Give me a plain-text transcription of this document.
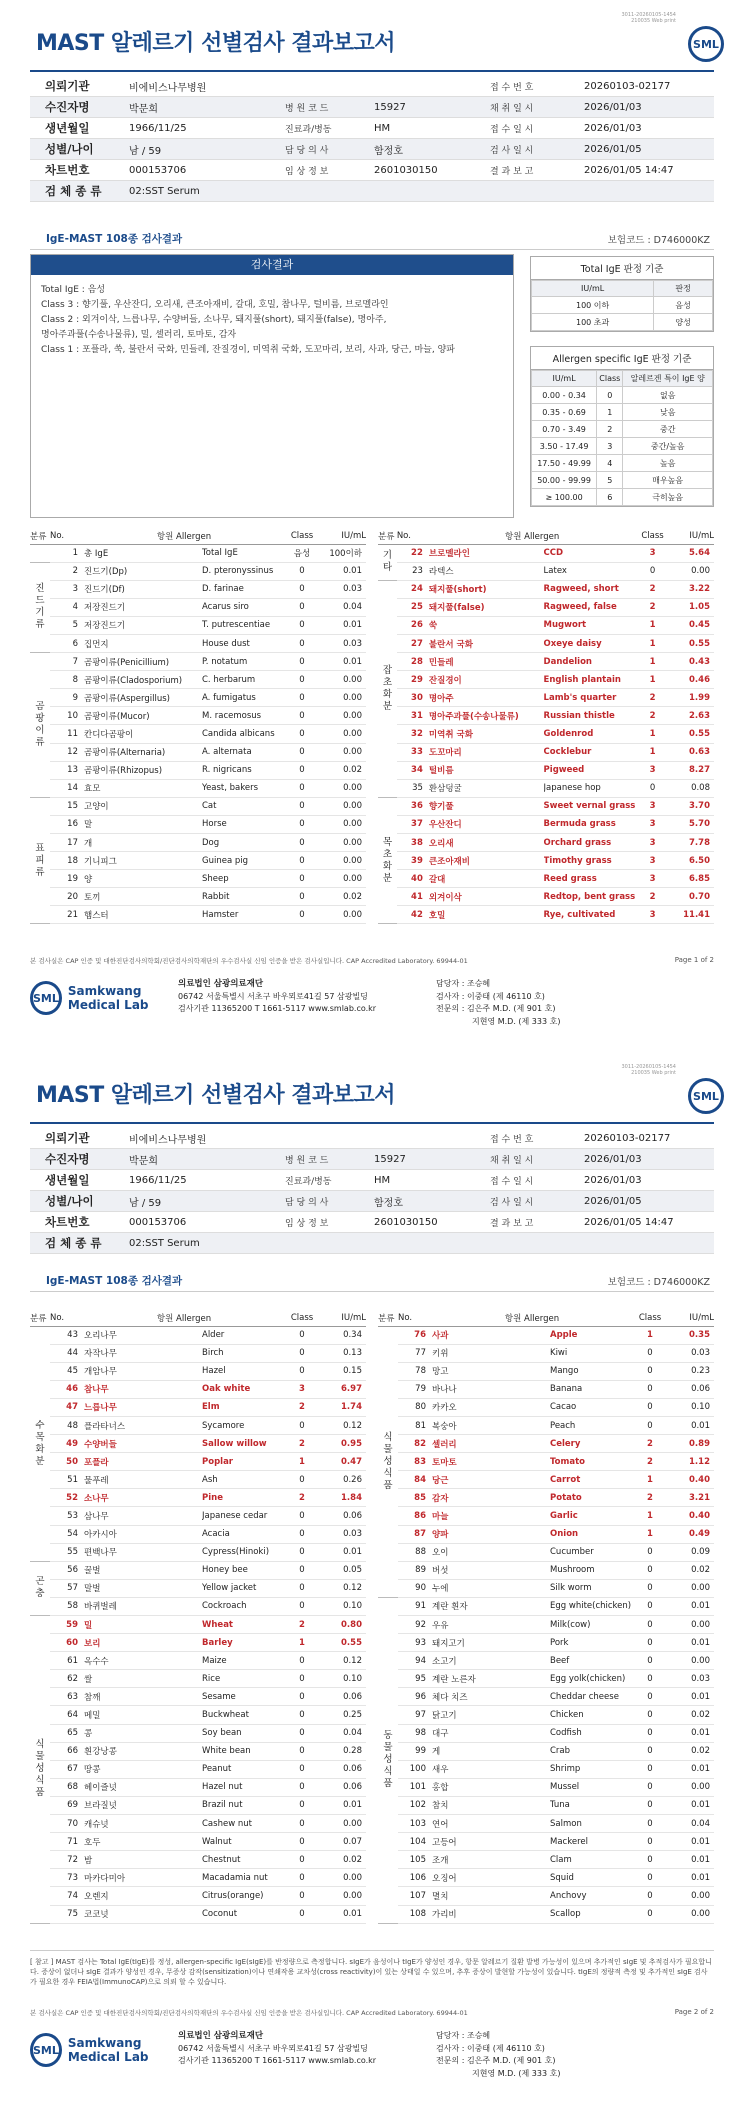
3011-20260105-1454
210035 Web print
MAST 알레르기 선별검사 결과보고서	SML
의뢰기관	비에비스나무병원	접 수 번 호	20260103-02177
수진자명	박문희	병 원 코 드	15927	채 취 일 시	2026/01/03
생년월일	1966/11/25	진료과/병동	HM	접 수 일 시	2026/01/03
성별/나이	남 / 59	담 당 의 사	함정호	검 사 일 시	2026/01/05
차트번호	000153706	임 상 정 보	2601030150	결 과 보 고	2026/01/05 14:47
검 체 종 류	02:SST Serum
IgE-MAST 108종 검사결과	보험코드 : D746000KZ
검사결과
Total IgE : 음성
Class 3 : 향기풀, 우산잔디, 오리새, 큰조아재비, 갈대, 호밀, 참나무, 털비름, 브로멜라인
Class 2 : 외겨이삭, 느릅나무, 수양버들, 소나무, 돼지풀(short), 돼지풀(false), 명아주,
명아주과풀(수송나물류), 밀, 셀러리, 토마토, 감자
Class 1 : 포플라, 쑥, 불란서 국화, 민들레, 잔질경이, 미역취 국화, 도꼬마리, 보리, 사과, 당근, 마늘, 양파
Total IgE 판정 기준
IU/mL	판정
100 이하	음성
100 초과	양성
Allergen specific IgE 판정 기준
IU/mL	Class	알레르겐 특이 IgE 양
0.00 - 0.34	0	없음
0.35 - 0.69	1	낮음
0.70 - 3.49	2	중간
3.50 - 17.49	3	중간/높음
17.50 - 49.99	4	높음
50.00 - 99.99	5	매우높음
≥ 100.00	6	극히높음
분류	No.	항원 Allergen		Class	IU/mL
	1	총 IgE	Total IgE	음성	100이하
진드기류	2	진드기(Dp)	D. pteronyssinus	0	0.01
	3	진드기(Df)	D. farinae	0	0.03
	4	저장진드기	Acarus siro	0	0.04
	5	저장진드기	T. putrescentiae	0	0.01
	6	집먼지	House dust	0	0.03
곰팡이류	7	곰팡이류(Penicillium)	P. notatum	0	0.01
	8	곰팡이류(Cladosporium)	C. herbarum	0	0.00
	9	곰팡이류(Aspergillus)	A. fumigatus	0	0.00
	10	곰팡이류(Mucor)	M. racemosus	0	0.00
	11	칸디다곰팡이	Candida albicans	0	0.00
	12	곰팡이류(Alternaria)	A. alternata	0	0.00
	13	곰팡이류(Rhizopus)	R. nigricans	0	0.02
	14	효모	Yeast, bakers	0	0.00
표피류	15	고양이	Cat	0	0.00
	16	말	Horse	0	0.00
	17	개	Dog	0	0.00
	18	기니피그	Guinea pig	0	0.00
	19	양	Sheep	0	0.00
	20	토끼	Rabbit	0	0.02
	21	햄스터	Hamster	0	0.00
분류	No.	항원 Allergen		Class	IU/mL
기타	22	브로멜라인	CCD	3	5.64
	23	라텍스	Latex	0	0.00
잡초화분	24	돼지풀(short)	Ragweed, short	2	3.22
	25	돼지풀(false)	Ragweed, false	2	1.05
	26	쑥	Mugwort	1	0.45
	27	불란서 국화	Oxeye daisy	1	0.55
	28	민들레	Dandelion	1	0.43
	29	잔질경이	English plantain	1	0.46
	30	명아주	Lamb's quarter	2	1.99
	31	명아주과풀(수송나물류)	Russian thistle	2	2.63
	32	미역취 국화	Goldenrod	1	0.55
	33	도꼬마리	Cocklebur	1	0.63
	34	털비름	Pigweed	3	8.27
	35	환삼덩굴	Japanese hop	0	0.08
목초화분	36	향기풀	Sweet vernal grass	3	3.70
	37	우산잔디	Bermuda grass	3	5.70
	38	오리새	Orchard grass	3	7.78
	39	큰조아재비	Timothy grass	3	6.50
	40	갈대	Reed grass	3	6.85
	41	외겨이삭	Redtop, bent grass	2	0.70
	42	호밀	Rye, cultivated	3	11.41
본 검사실은 CAP 인증 및 대한진단검사의학회/진단검사의학재단의 우수검사실 신임 인증을 받은 검사실입니다. CAP Accredited Laboratory. 69944-01	Page 1 of 2
SML Samkwang Medical Lab
의료법인 삼광의료재단
06742 서울특별시 서초구 바우뫼로41길 57 삼광빌딩
검사기관 11365200 T 1661-5117 www.smlab.co.kr
담당자 : 조승혜
검사자 : 이중태 (제 46110 호)
전문의 : 김은주 M.D. (제 901 호)
지현영 M.D. (제 333 호)
3011-20260105-1454
210035 Web print
MAST 알레르기 선별검사 결과보고서	SML
의뢰기관	비에비스나무병원	접 수 번 호	20260103-02177
수진자명	박문희	병 원 코 드	15927	채 취 일 시	2026/01/03
생년월일	1966/11/25	진료과/병동	HM	접 수 일 시	2026/01/03
성별/나이	남 / 59	담 당 의 사	함정호	검 사 일 시	2026/01/05
차트번호	000153706	임 상 정 보	2601030150	결 과 보 고	2026/01/05 14:47
검 체 종 류	02:SST Serum
IgE-MAST 108종 검사결과	보험코드 : D746000KZ
분류	No.	항원 Allergen		Class	IU/mL
수목화분	43	오리나무	Alder	0	0.34
	44	자작나무	Birch	0	0.13
	45	개암나무	Hazel	0	0.15
	46	참나무	Oak white	3	6.97
	47	느릅나무	Elm	2	1.74
	48	플라타너스	Sycamore	0	0.12
	49	수양버들	Sallow willow	2	0.95
	50	포플라	Poplar	1	0.47
	51	물푸레	Ash	0	0.26
	52	소나무	Pine	2	1.84
	53	삼나무	Japanese cedar	0	0.06
	54	아카시아	Acacia	0	0.03
	55	편백나무	Cypress(Hinoki)	0	0.01
곤충	56	꿀벌	Honey bee	0	0.05
	57	말벌	Yellow jacket	0	0.12
	58	바퀴벌레	Cockroach	0	0.10
식물성식품	59	밀	Wheat	2	0.80
	60	보리	Barley	1	0.55
	61	옥수수	Maize	0	0.12
	62	쌀	Rice	0	0.10
	63	참깨	Sesame	0	0.06
	64	메밀	Buckwheat	0	0.25
	65	콩	Soy bean	0	0.04
	66	흰강낭콩	White bean	0	0.28
	67	땅콩	Peanut	0	0.06
	68	헤이즐넛	Hazel nut	0	0.06
	69	브라질넛	Brazil nut	0	0.01
	70	캐슈넛	Cashew nut	0	0.00
	71	호두	Walnut	0	0.07
	72	밤	Chestnut	0	0.02
	73	마카다미아	Macadamia nut	0	0.00
	74	오렌지	Citrus(orange)	0	0.00
	75	코코넛	Coconut	0	0.01
분류	No.	항원 Allergen		Class	IU/mL
식물성식품	76	사과	Apple	1	0.35
	77	키위	Kiwi	0	0.03
	78	망고	Mango	0	0.23
	79	바나나	Banana	0	0.06
	80	카카오	Cacao	0	0.10
	81	복숭아	Peach	0	0.01
	82	셀러리	Celery	2	0.89
	83	토마토	Tomato	2	1.12
	84	당근	Carrot	1	0.40
	85	감자	Potato	2	3.21
	86	마늘	Garlic	1	0.40
	87	양파	Onion	1	0.49
	88	오이	Cucumber	0	0.09
	89	버섯	Mushroom	0	0.02
	90	누에	Silk worm	0	0.00
동물성식품	91	계란 흰자	Egg white(chicken)	0	0.01
	92	우유	Milk(cow)	0	0.00
	93	돼지고기	Pork	0	0.01
	94	소고기	Beef	0	0.00
	95	계란 노른자	Egg yolk(chicken)	0	0.03
	96	체다 치즈	Cheddar cheese	0	0.01
	97	닭고기	Chicken	0	0.02
	98	대구	Codfish	0	0.01
	99	게	Crab	0	0.02
	100	새우	Shrimp	0	0.01
	101	홍합	Mussel	0	0.00
	102	참치	Tuna	0	0.01
	103	연어	Salmon	0	0.04
	104	고등어	Mackerel	0	0.01
	105	조개	Clam	0	0.01
	106	오징어	Squid	0	0.01
	107	멸치	Anchovy	0	0.00
	108	가리비	Scallop	0	0.00
[ 참고 ] MAST 검사는 Total IgE(tIgE)를 정성, allergen-specific IgE(sIgE)를 반정량으로 측정합니다. sIgE가 음성이나 tIgE가 양성인 경우, 항문 알레르기 질환 발병 가능성이 있으며 추가적인 sIgE 및 추적검사가 필요합니다. 증상이 없더나 sIgE 결과가 양성인 경우, 무증상 감작(sensitization)이나 연쇄작용 교차성(cross reactivity)이 있는 상태일 수 있으며, 추후 증상이 발현할 가능성이 있습니다. tIgE의 정량적 측정 및 추가적인 sIgE 검사가 필요한 경우 FEIA법(ImmunoCAP)으로 의뢰 할 수 있습니다.
본 검사실은 CAP 인증 및 대한진단검사의학회/진단검사의학재단의 우수검사실 신임 인증을 받은 검사실입니다. CAP Accredited Laboratory. 69944-01	Page 2 of 2
SML Samkwang Medical Lab
의료법인 삼광의료재단
06742 서울특별시 서초구 바우뫼로41길 57 삼광빌딩
검사기관 11365200 T 1661-5117 www.smlab.co.kr
담당자 : 조승혜
검사자 : 이중태 (제 46110 호)
전문의 : 김은주 M.D. (제 901 호)
지현영 M.D. (제 333 호)
